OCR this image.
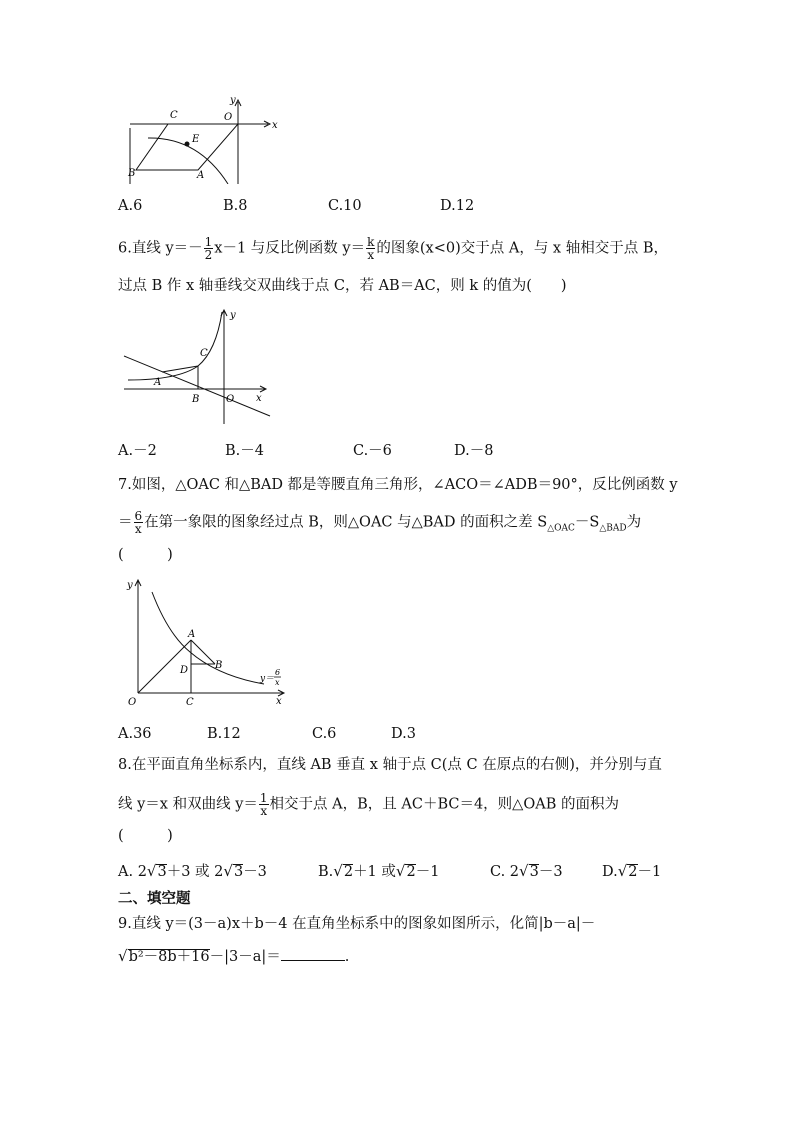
C
E
B	A
O
y
x
A.6	B.8	C.10	D.12
6.直线 $y=- \frac{1}{2} x-1$ 与反比例函数 $y= \frac{k}{x}$ 的图象(x<0)交于点 A，与 x 轴相交于点 B，
过点 B 作 x 轴垂线交双曲线于点 C，若 AB＝AC，则 k 的值为(　　)
y
C
A
B	O x
A.－2	B.－4	C.－6	D.－8
7.如图，△OAC 和△BAD 都是等腰直角三角形，∠ACO＝∠ADB＝90°，反比例函数 y
＝ $\frac{6}{x}$ 在第一象限的图象经过点 B，则△OAC 与△BAD 的面积之差 $S_{\triangle OAC}-S_{\triangle BAD}$为
(　　　)
y
A
D	B
O	C	x
y＝
6
x
A.36	B.12	C.6	D.3
8.在平面直角坐标系内，直线 AB 垂直 x 轴于点 C(点 C 在原点的右侧)，并分别与直
线 y＝x 和双曲线 $y= \frac{1}{x}$ 相交于点 A，B，且 AC＋BC＝4，则△OAB 的面积为
(　　　)
A. 2√3＋3 或 2√3－3	B.√2＋1 或√2－1	C. 2√3－3	D.√2－1
二、填空题
9.直线 y＝(3－a)x＋b－4 在直角坐标系中的图象如图所示，化简|b－a|－
√b²－8b＋16－|3－a|＝	.
